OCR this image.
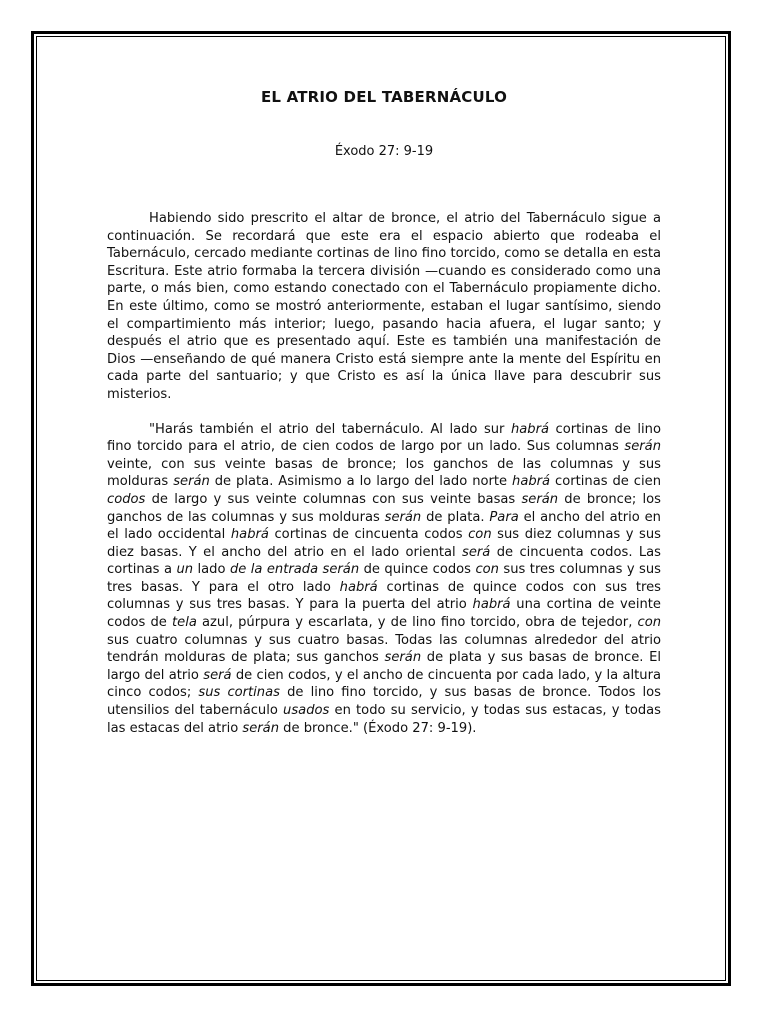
EL ATRIO DEL TABERNÁCULO
Éxodo 27: 9-19

Habiendo sido prescrito el altar de bronce, el atrio del Tabernáculo sigue a continuación. Se recordará que este era el espacio abierto que rodeaba el Tabernáculo, cercado mediante cortinas de lino fino torcido, como se detalla en esta Escritura. Este atrio formaba la tercera división —cuando es considerado como una parte, o más bien, como estando conectado con el Tabernáculo propiamente dicho. En este último, como se mostró anteriormente, estaban el lugar santísimo, siendo el compartimiento más interior; luego, pasando hacia afuera, el lugar santo; y después el atrio que es presentado aquí. Este es también una manifestación de Dios —enseñando de qué manera Cristo está siempre ante la mente del Espíritu en cada parte del santuario; y que Cristo es así la única llave para descubrir sus misterios.

"Harás también el atrio del tabernáculo. Al lado sur habrá cortinas de lino fino torcido para el atrio, de cien codos de largo por un lado. Sus columnas serán veinte, con sus veinte basas de bronce; los ganchos de las columnas y sus molduras serán de plata. Asimismo a lo largo del lado norte habrá cortinas de cien codos de largo y sus veinte columnas con sus veinte basas serán de bronce; los ganchos de las columnas y sus molduras serán de plata. Para el ancho del atrio en el lado occidental habrá cortinas de cincuenta codos con sus diez columnas y sus diez basas. Y el ancho del atrio en el lado oriental será de cincuenta codos. Las cortinas a un lado de la entrada serán de quince codos con sus tres columnas y sus tres basas. Y para el otro lado habrá cortinas de quince codos con sus tres columnas y sus tres basas. Y para la puerta del atrio habrá una cortina de veinte codos de tela azul, púrpura y escarlata, y de lino fino torcido, obra de tejedor, con sus cuatro columnas y sus cuatro basas. Todas las columnas alrededor del atrio tendrán molduras de plata; sus ganchos serán de plata y sus basas de bronce. El largo del atrio será de cien codos, y el ancho de cincuenta por cada lado, y la altura cinco codos; sus cortinas de lino fino torcido, y sus basas de bronce. Todos los utensilios del tabernáculo usados en todo su servicio, y todas sus estacas, y todas las estacas del atrio serán de bronce." (Éxodo 27: 9-19).
